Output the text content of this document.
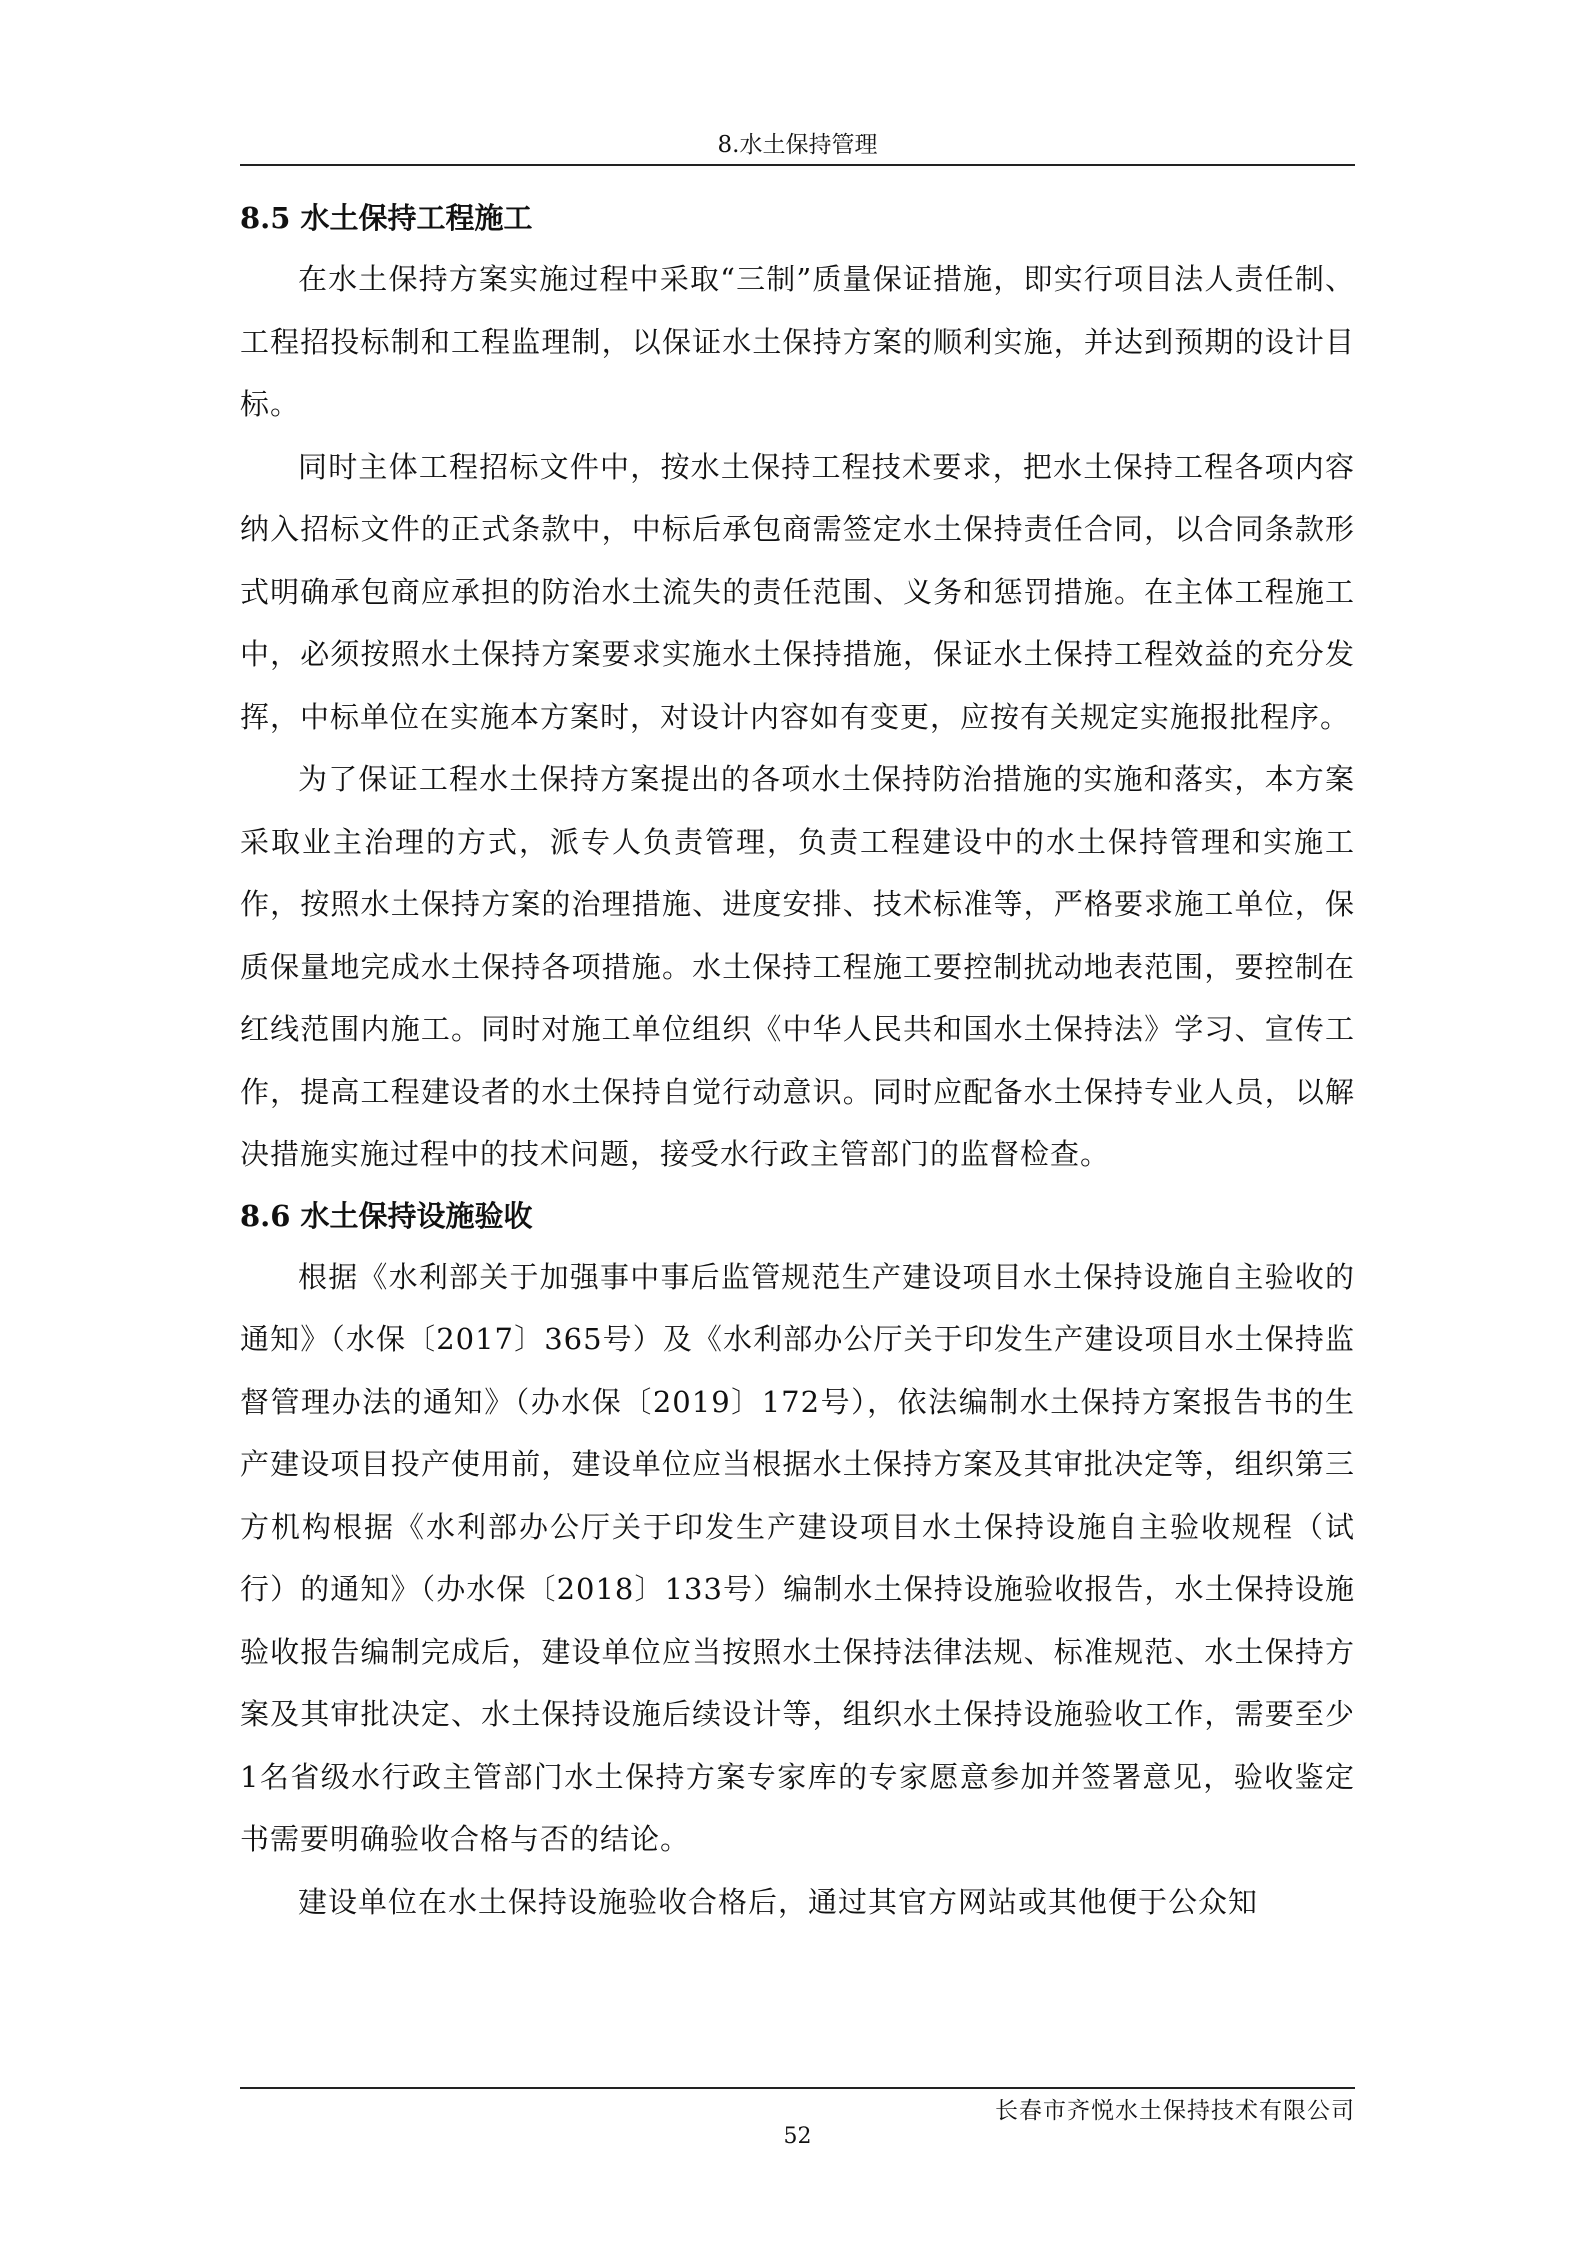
8.水土保持管理
8.5 水土保持工程施工

在水土保持方案实施过程中采取“三制”质量保证措施，即实行项目法人责任制、工程招投标制和工程监理制，以保证水土保持方案的顺利实施，并达到预期的设计目标。

同时主体工程招标文件中，按水土保持工程技术要求，把水土保持工程各项内容纳入招标文件的正式条款中，中标后承包商需签定水土保持责任合同，以合同条款形式明确承包商应承担的防治水土流失的责任范围、义务和惩罚措施。在主体工程施工中，必须按照水土保持方案要求实施水土保持措施，保证水土保持工程效益的充分发挥，中标单位在实施本方案时，对设计内容如有变更，应按有关规定实施报批程序。

为了保证工程水土保持方案提出的各项水土保持防治措施的实施和落实，本方案采取业主治理的方式，派专人负责管理，负责工程建设中的水土保持管理和实施工作，按照水土保持方案的治理措施、进度安排、技术标准等，严格要求施工单位，保质保量地完成水土保持各项措施。水土保持工程施工要控制扰动地表范围，要控制在红线范围内施工。同时对施工单位组织《中华人民共和国水土保持法》学习、宣传工作，提高工程建设者的水土保持自觉行动意识。同时应配备水土保持专业人员，以解决措施实施过程中的技术问题，接受水行政主管部门的监督检查。

8.6 水土保持设施验收

根据《水利部关于加强事中事后监管规范生产建设项目水土保持设施自主验收的通知》（水保〔2017〕365号）及《水利部办公厅关于印发生产建设项目水土保持监督管理办法的通知》（办水保〔2019〕172号），依法编制水土保持方案报告书的生产建设项目投产使用前，建设单位应当根据水土保持方案及其审批决定等，组织第三方机构根据《水利部办公厅关于印发生产建设项目水土保持设施自主验收规程（试行）的通知》（办水保〔2018〕133号）编制水土保持设施验收报告，水土保持设施验收报告编制完成后，建设单位应当按照水土保持法律法规、标准规范、水土保持方案及其审批决定、水土保持设施后续设计等，组织水土保持设施验收工作，需要至少1名省级水行政主管部门水土保持方案专家库的专家愿意参加并签署意见，验收鉴定书需要明确验收合格与否的结论。

建设单位在水土保持设施验收合格后，通过其官方网站或其他便于公众知

长春市齐悦水土保持技术有限公司
52
